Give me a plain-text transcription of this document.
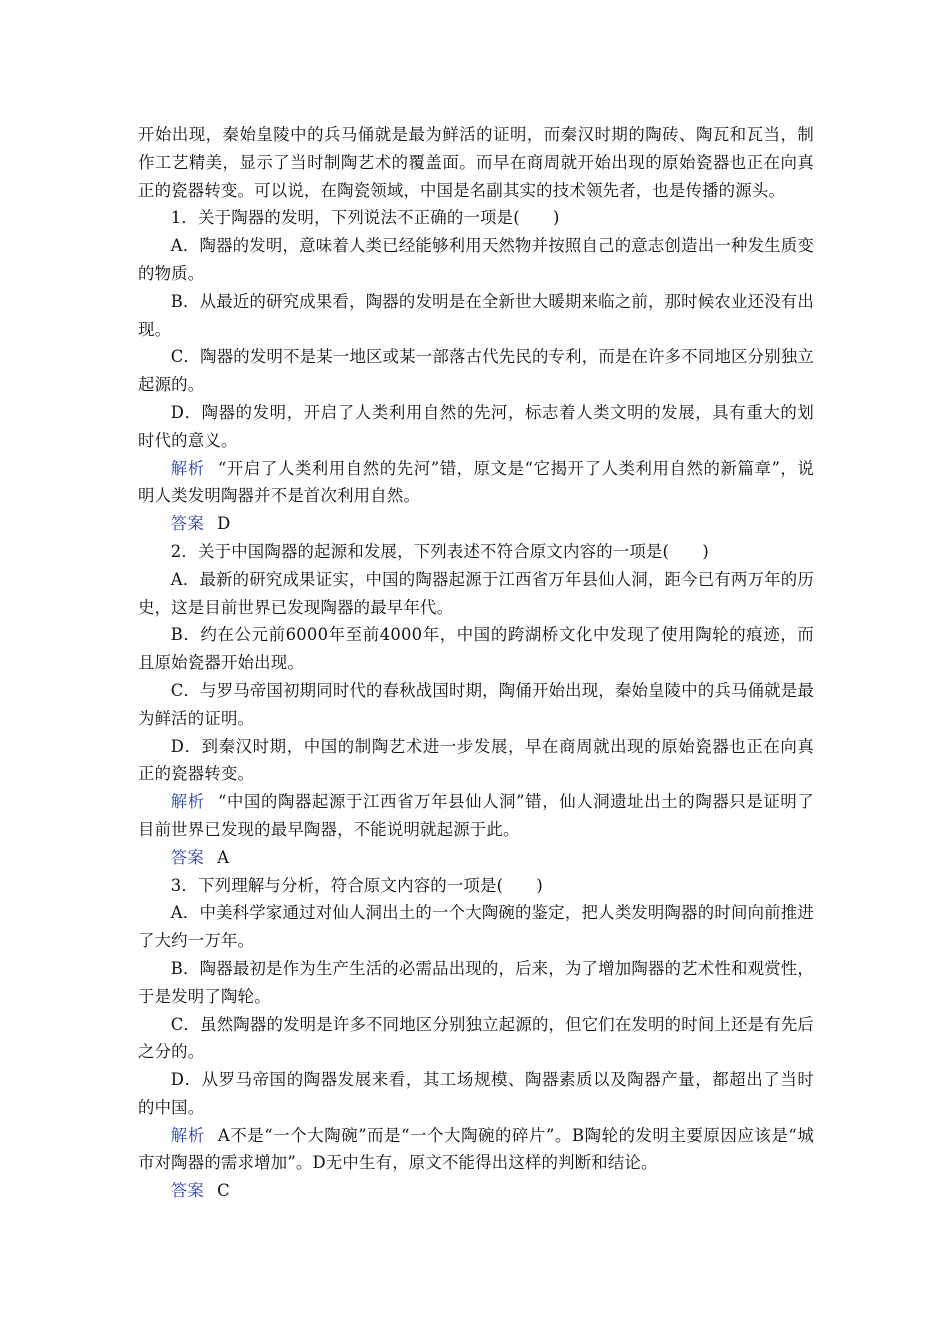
开始出现，秦始皇陵中的兵马俑就是最为鲜活的证明，而秦汉时期的陶砖、陶瓦和瓦当，制作工艺精美，显示了当时制陶艺术的覆盖面。而早在商周就开始出现的原始瓷器也正在向真正的瓷器转变。可以说，在陶瓷领域，中国是名副其实的技术领先者，也是传播的源头。

1．关于陶器的发明，下列说法不正确的一项是(　　)

A．陶器的发明，意味着人类已经能够利用天然物并按照自己的意志创造出一种发生质变的物质。

B．从最近的研究成果看，陶器的发明是在全新世大暖期来临之前，那时候农业还没有出现。

C．陶器的发明不是某一地区或某一部落古代先民的专利，而是在许多不同地区分别独立起源的。

D．陶器的发明，开启了人类利用自然的先河，标志着人类文明的发展，具有重大的划时代的意义。

解析 “开启了人类利用自然的先河”错，原文是“它揭开了人类利用自然的新篇章”，说明人类发明陶器并不是首次利用自然。

答案 D

2．关于中国陶器的起源和发展，下列表述不符合原文内容的一项是(　　)

A．最新的研究成果证实，中国的陶器起源于江西省万年县仙人洞，距今已有两万年的历史，这是目前世界已发现陶器的最早年代。

B．约在公元前6000年至前4000年，中国的跨湖桥文化中发现了使用陶轮的痕迹，而且原始瓷器开始出现。

C．与罗马帝国初期同时代的春秋战国时期，陶俑开始出现，秦始皇陵中的兵马俑就是最为鲜活的证明。

D．到秦汉时期，中国的制陶艺术进一步发展，早在商周就出现的原始瓷器也正在向真正的瓷器转变。

解析 “中国的陶器起源于江西省万年县仙人洞”错，仙人洞遗址出土的陶器只是证明了目前世界已发现的最早陶器，不能说明就起源于此。

答案 A

3．下列理解与分析，符合原文内容的一项是(　　)

A．中美科学家通过对仙人洞出土的一个大陶碗的鉴定，把人类发明陶器的时间向前推进了大约一万年。

B．陶器最初是作为生产生活的必需品出现的，后来，为了增加陶器的艺术性和观赏性，于是发明了陶轮。

C．虽然陶器的发明是许多不同地区分别独立起源的，但它们在发明的时间上还是有先后之分的。

D．从罗马帝国的陶器发展来看，其工场规模、陶器素质以及陶器产量，都超出了当时的中国。

解析 A不是“一个大陶碗”而是“一个大陶碗的碎片”。B陶轮的发明主要原因应该是“城市对陶器的需求增加”。D无中生有，原文不能得出这样的判断和结论。

答案 C
